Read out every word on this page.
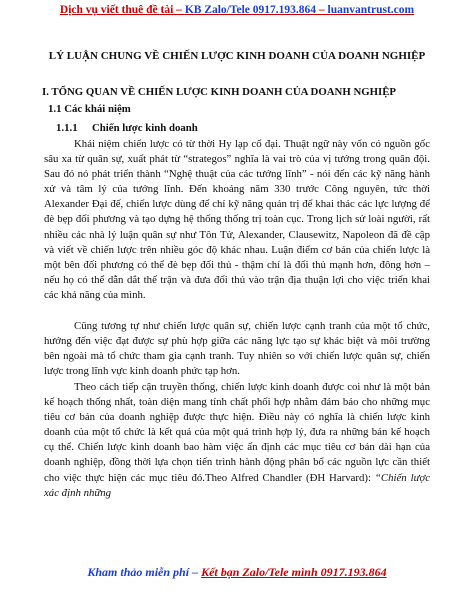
Dịch vụ viết thuê đề tài – KB Zalo/Tele 0917.193.864 – luanvantrust.com
LÝ LUẬN CHUNG VỀ CHIẾN LƯỢC KINH DOANH CỦA DOANH NGHIỆP
I. TỔNG QUAN VỀ CHIẾN LƯỢC KINH DOANH CỦA DOANH NGHIỆP
1.1 Các khái niệm
1.1.1 Chiến lược kinh doanh

Khái niệm chiến lược có từ thời Hy lạp cổ đại. Thuật ngữ này vốn có nguồn gốc sâu xa từ quân sự, xuất phát từ “strategos” nghĩa là vai trò của vị tướng trong quân đội. Sau đó nó phát triển thành “Nghệ thuật của các tướng lĩnh” - nói đến các kỹ năng hành xử và tâm lý của tướng lĩnh. Đến khoảng năm 330 trước Công nguyên, tức thời Alexander Đại đế, chiến lược dùng để chỉ kỹ năng quản trị để khai thác các lực lượng để đè bẹp đối phương và tạo dựng hệ thống thống trị toàn cục. Trong lịch sử loài người, rất nhiều các nhà lý luận quân sự như Tôn Tử, Alexander, Clausewitz, Napoleon đã đề cập và viết về chiến lược trên nhiều góc độ khác nhau. Luận điểm cơ bản của chiến lược là một bên đối phương có thể đè bẹp đối thủ - thậm chí là đối thủ mạnh hơn, đông hơn – nếu họ có thể dẫn dắt thế trận và đưa đối thủ vào trận địa thuận lợi cho việc triển khai các khả năng của mình.

Cũng tương tự như chiến lược quân sự, chiến lược cạnh tranh của một tổ chức, hướng đến việc đạt được sự phù hợp giữa các năng lực tạo sự khác biệt và môi trường bên ngoài mà tổ chức tham gia cạnh tranh. Tuy nhiên so với chiến lược quân sự, chiến lược trong lĩnh vực kinh doanh phức tạp hơn.

Theo cách tiếp cận truyền thống, chiến lược kinh doanh được coi như là một bản kế hoạch thống nhất, toàn diện mang tính chất phối hợp nhằm đảm bảo cho những mục tiêu cơ bản của doanh nghiệp được thực hiện. Điều này có nghĩa là chiến lược kinh doanh của một tổ chức là kết quả của một quá trình hợp lý, đưa ra những bản kế hoạch cụ thể. Chiến lược kinh doanh bao hàm việc ấn định các mục tiêu cơ bản dài hạn của doanh nghiệp, đồng thời lựa chọn tiến trình hành động phân bổ các nguồn lực cần thiết cho việc thực hiện các mục tiêu đó.Theo Alfred Chandler (ĐH Harvard): “Chiến lược xác định những

Kham thảo miễn phí – Kết bạn Zalo/Tele mình 0917.193.864
